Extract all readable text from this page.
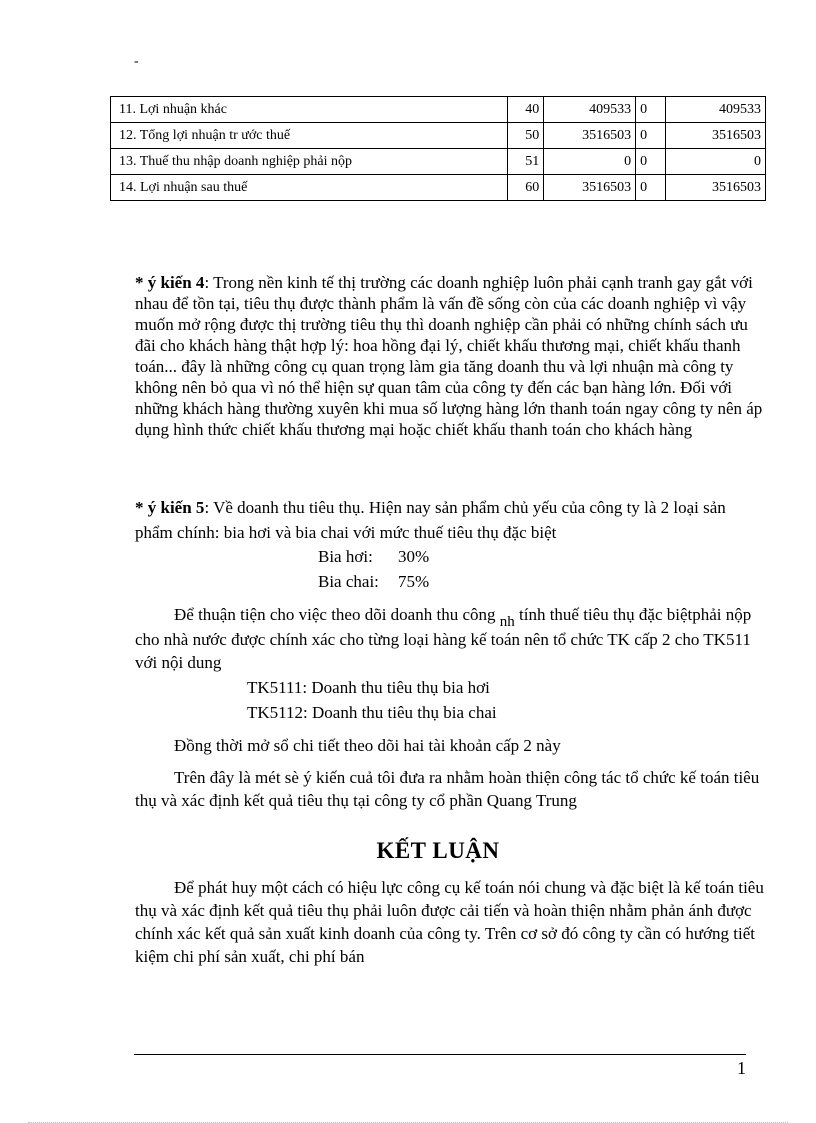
-
11. Lợi nhuận khác	40	409533	0	409533
12. Tổng lợi nhuận tr ước thuế	50	3516503	0	3516503
13. Thuế thu nhập doanh nghiệp phải nộp	51	0	0	0
14. Lợi nhuận sau thuế	60	3516503	0	3516503
* ý kiến 4: Trong nền kinh tế thị trường các doanh nghiệp luôn phải cạnh tranh gay gắt với nhau để tồn tại, tiêu thụ được thành phẩm là vấn đề sống còn của các doanh nghiệp vì vậy muốn mở rộng được thị trường tiêu thụ thì doanh nghiệp cần phải có những chính sách ưu đãi cho khách hàng thật hợp lý: hoa hồng đại lý, chiết khấu thương mại, chiết khấu thanh toán... đây là những công cụ quan trọng làm gia tăng doanh thu và lợi nhuận mà công ty không nên bỏ qua vì nó thể hiện sự quan tâm của công ty đến các bạn hàng lớn. Đối với những khách hàng thường xuyên khi mua số lượng hàng lớn thanh toán ngay công ty nên áp dụng hình thức chiết khấu thương mại hoặc chiết khấu thanh toán cho khách hàng
* ý kiến 5: Về doanh thu tiêu thụ. Hiện nay sản phẩm chủ yếu của công ty là 2 loại sản phẩm chính: bia hơi và bia chai với mức thuế tiêu thụ đặc biệt
Bia hơi: 30%
Bia chai: 75%
Để thuận tiện cho việc theo dõi doanh thu công nh tính thuế tiêu thụ đặc biệtphải nộp cho nhà nước được chính xác cho từng loại hàng kế toán nên tổ chức TK cấp 2 cho TK511 với nội dung
TK5111: Doanh thu tiêu thụ bia hơi
TK5112: Doanh thu tiêu thụ bia chai
Đồng thời mở sổ chi tiết theo dõi hai tài khoản cấp 2 này
Trên đây là mét sè ý kiến cuả tôi đưa ra nhằm hoàn thiện công tác tổ chức kế toán tiêu thụ và xác định kết quả tiêu thụ tại công ty cổ phần Quang Trung
KẾT LUẬN
Để phát huy một cách có hiệu lực công cụ kế toán nói chung và đặc biệt là kế toán tiêu thụ và xác định kết quả tiêu thụ phải luôn được cải tiến và hoàn thiện nhằm phản ánh được chính xác kết quả sản xuất kinh doanh của công ty. Trên cơ sở đó công ty cần có hướng tiết kiệm chi phí sản xuất, chi phí bán
1
